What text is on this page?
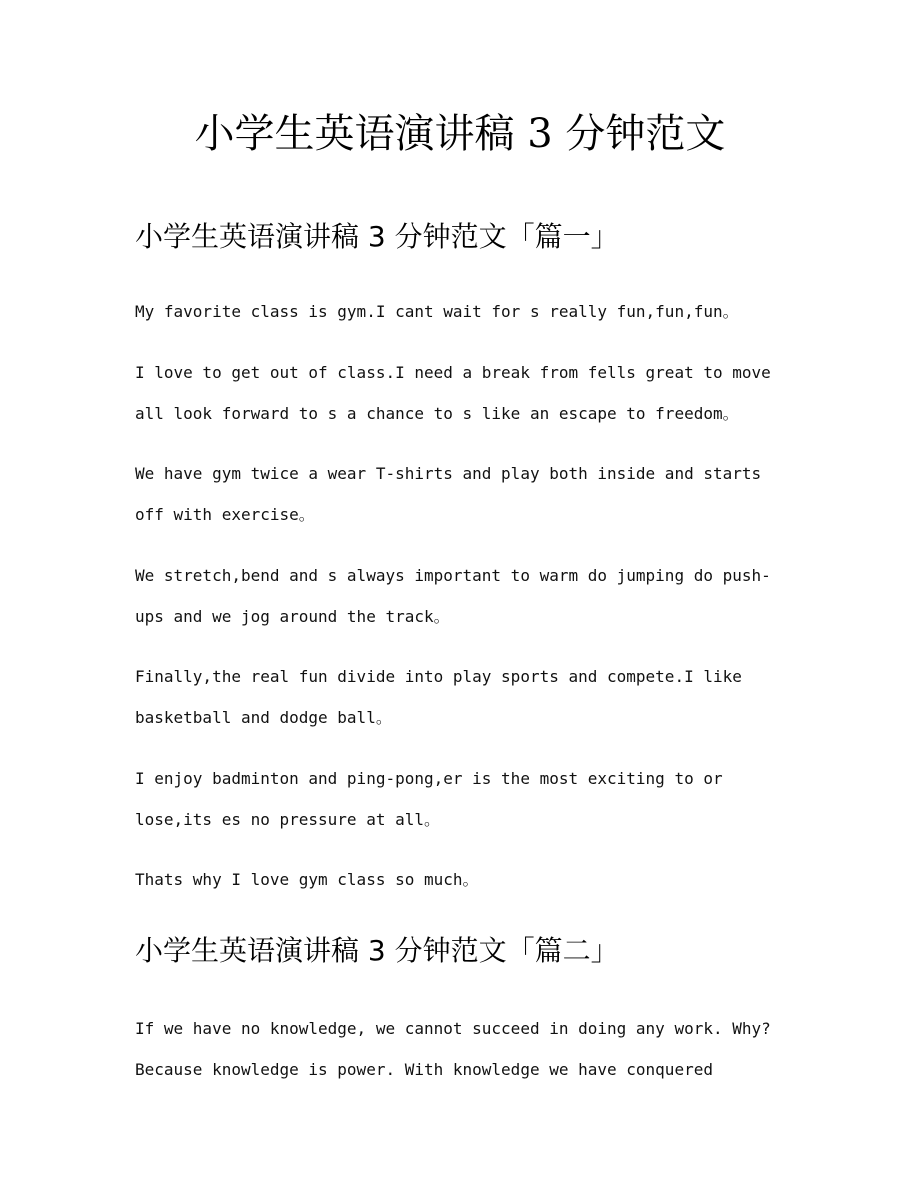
小学生英语演讲稿 3 分钟范文
小学生英语演讲稿 3 分钟范文「篇一」

My favorite class is gym.I cant wait for s really fun,fun,fun。

I love to get out of class.I need a break from fells great to move
all look forward to s a chance to s like an escape to freedom。

We have gym twice a wear T-shirts and play both inside and starts
off with exercise。

We stretch,bend and s always important to warm do jumping do push-
ups and we jog around the track。

Finally,the real fun divide into play sports and compete.I like
basketball and dodge ball。

I enjoy badminton and ping-pong,er is the most exciting to or
lose,its es no pressure at all。

Thats why I love gym class so much。

小学生英语演讲稿 3 分钟范文「篇二」

If we have no knowledge, we cannot succeed in doing any work. Why?
Because knowledge is power. With knowledge we have conquered
